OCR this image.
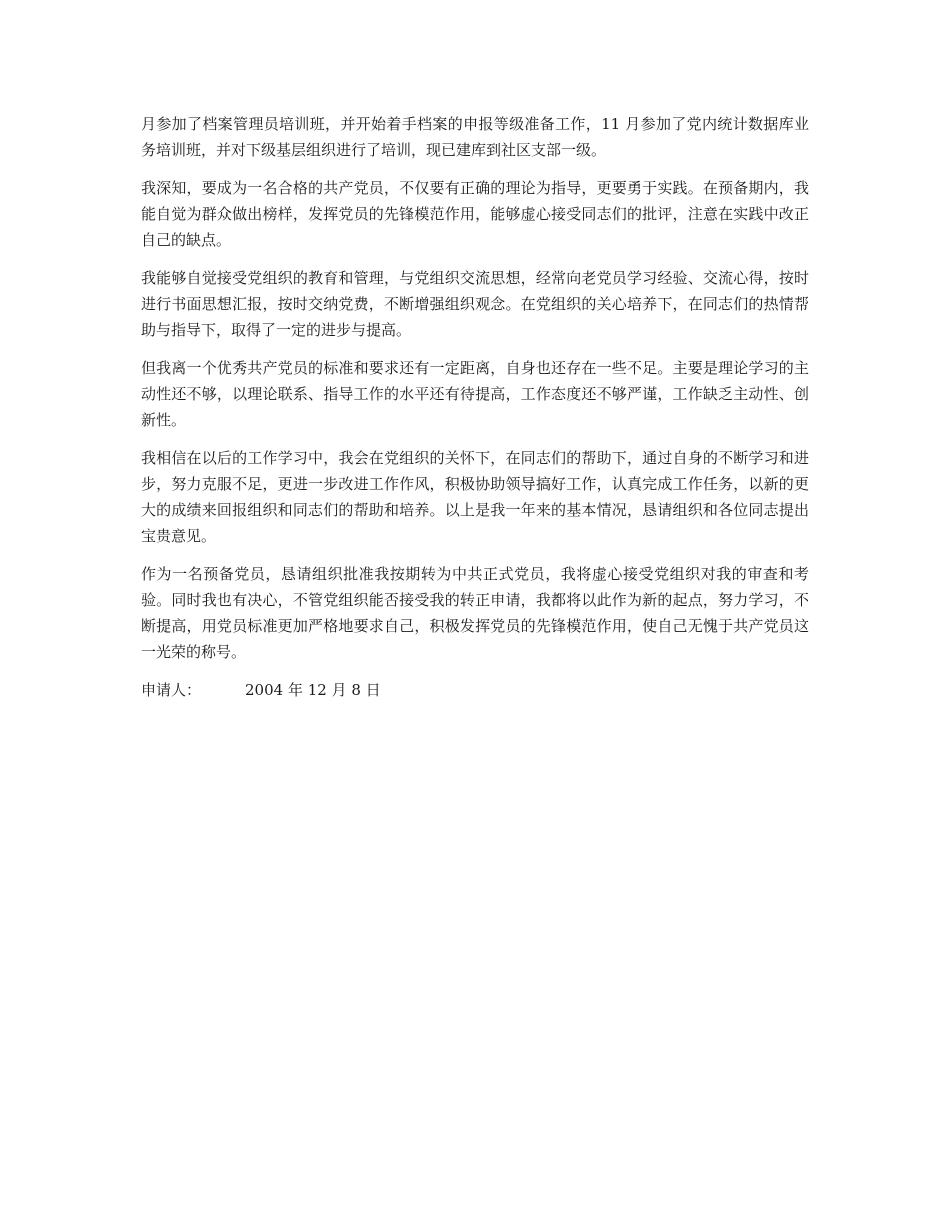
月参加了档案管理员培训班，并开始着手档案的申报等级准备工作，11 月参加了党内统计数据库业务培训班，并对下级基层组织进行了培训，现已建库到社区支部一级。

我深知，要成为一名合格的共产党员，不仅要有正确的理论为指导，更要勇于实践。在预备期内，我能自觉为群众做出榜样，发挥党员的先锋模范作用，能够虚心接受同志们的批评，注意在实践中改正自己的缺点。

我能够自觉接受党组织的教育和管理，与党组织交流思想，经常向老党员学习经验、交流心得，按时进行书面思想汇报，按时交纳党费，不断增强组织观念。在党组织的关心培养下，在同志们的热情帮助与指导下，取得了一定的进步与提高。

但我离一个优秀共产党员的标准和要求还有一定距离，自身也还存在一些不足。主要是理论学习的主动性还不够，以理论联系、指导工作的水平还有待提高，工作态度还不够严谨，工作缺乏主动性、创新性。

我相信在以后的工作学习中，我会在党组织的关怀下，在同志们的帮助下，通过自身的不断学习和进步，努力克服不足，更进一步改进工作作风，积极协助领导搞好工作，认真完成工作任务，以新的更大的成绩来回报组织和同志们的帮助和培养。以上是我一年来的基本情况，恳请组织和各位同志提出宝贵意见。

作为一名预备党员，恳请组织批准我按期转为中共正式党员，我将虚心接受党组织对我的审查和考验。同时我也有决心，不管党组织能否接受我的转正申请，我都将以此作为新的起点，努力学习，不断提高，用党员标准更加严格地要求自己，积极发挥党员的先锋模范作用，使自己无愧于共产党员这一光荣的称号。

申请人：	2004 年 12 月 8 日
